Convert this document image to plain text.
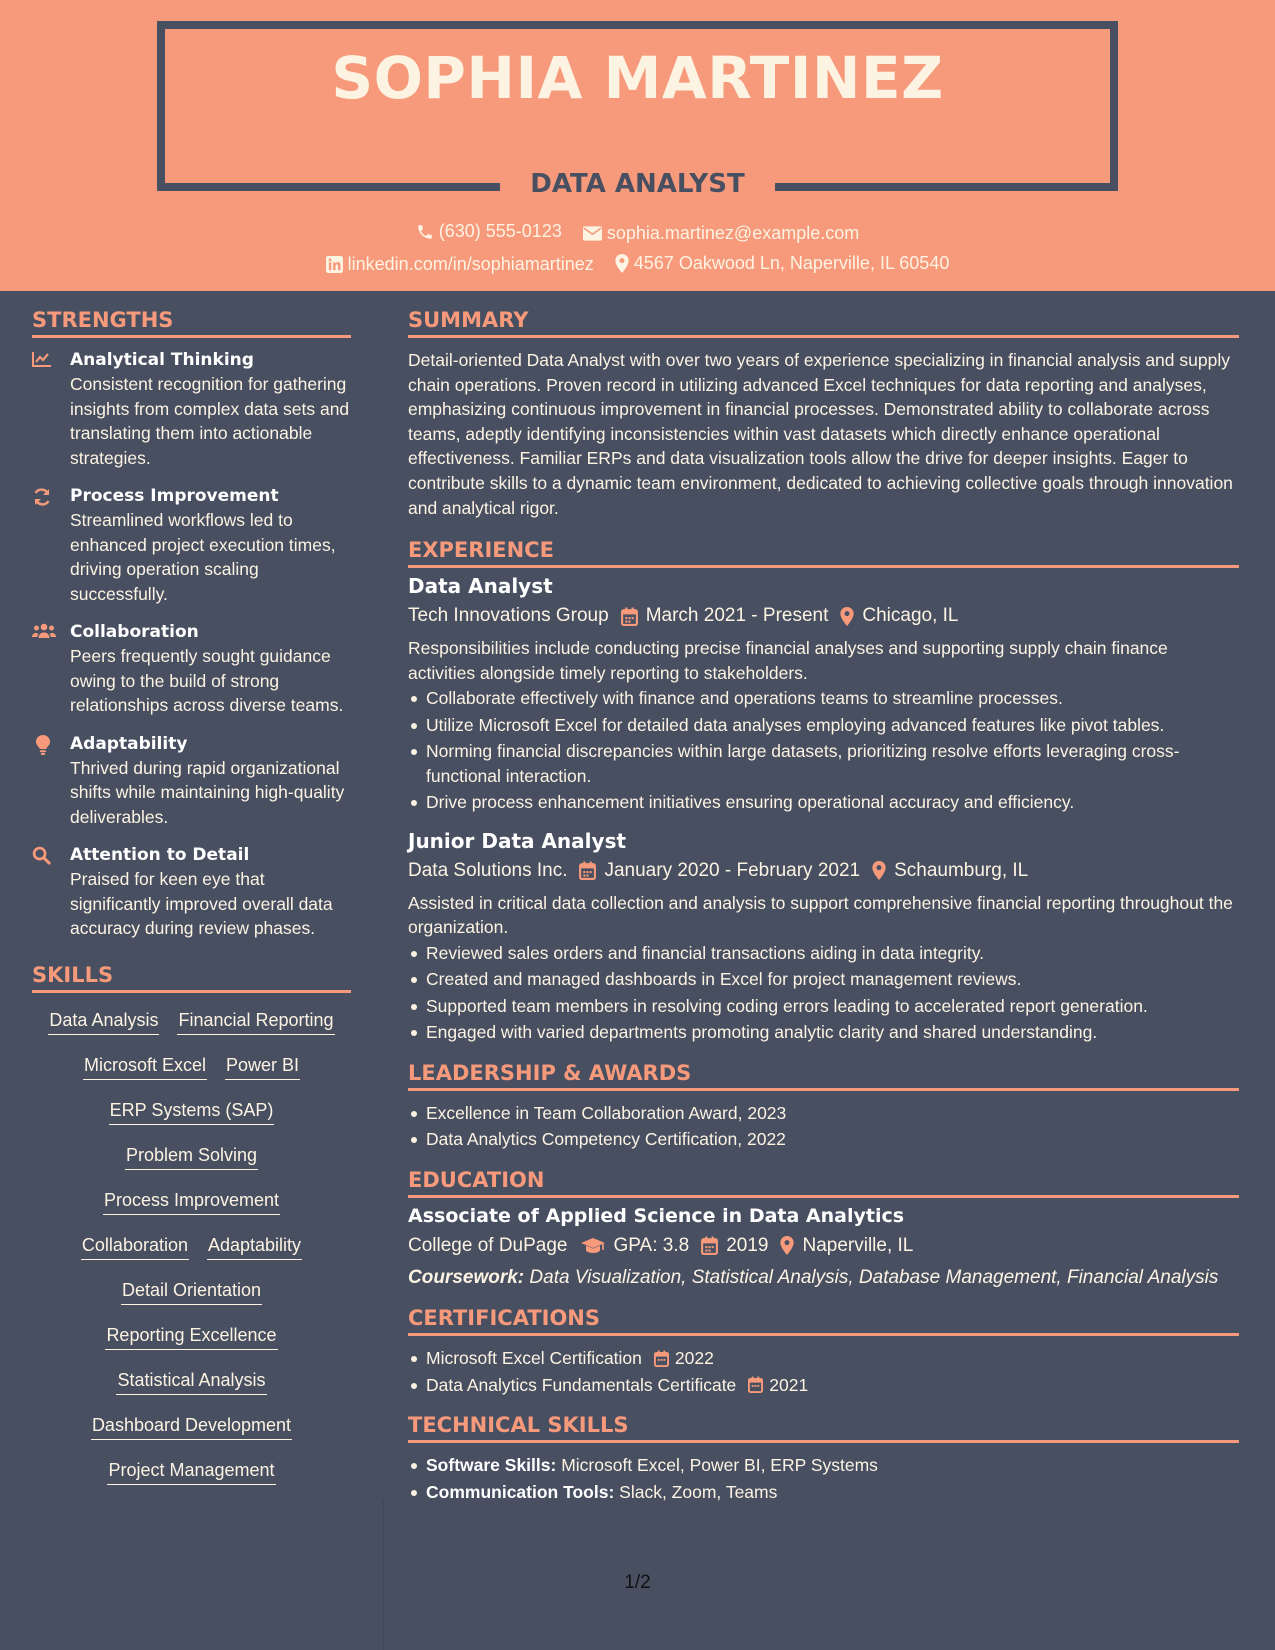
SOPHIA MARTINEZ
DATA ANALYST
(630) 555-0123
	sophia.martinez@example.com
linkedin.com/in/sophiamartinez
4567 Oakwood Ln, Naperville, IL 60540
STRENGTHS
Analytical Thinking
Consistent recognition for gathering insights from complex data sets and translating them into actionable strategies.
Process Improvement
Streamlined workflows led to enhanced project execution times, driving operation scaling successfully.
Collaboration
Peers frequently sought guidance owing to the build of strong relationships across diverse teams.
Adaptability
Thrived during rapid organizational shifts while maintaining high-quality deliverables.
Attention to Detail
Praised for keen eye that significantly improved overall data accuracy during review phases.
SKILLS
Data Analysis Financial Reporting
Microsoft Excel Power BI
ERP Systems (SAP)
Problem Solving
Process Improvement
Collaboration Adaptability
Detail Orientation
Reporting Excellence
Statistical Analysis
Dashboard Development
Project Management
SUMMARY
Detail-oriented Data Analyst with over two years of experience specializing in financial analysis and supply chain operations. Proven record in utilizing advanced Excel techniques for data reporting and analyses, emphasizing continuous improvement in financial processes. Demonstrated ability to collaborate across teams, adeptly identifying inconsistencies within vast datasets which directly enhance operational effectiveness. Familiar ERPs and data visualization tools allow the drive for deeper insights. Eager to contribute skills to a dynamic team environment, dedicated to achieving collective goals through innovation and analytical rigor.
EXPERIENCE
Data Analyst
Tech Innovations Group March 2021 - Present Chicago, IL
Responsibilities include conducting precise financial analyses and supporting supply chain finance activities alongside timely reporting to stakeholders.
Collaborate effectively with finance and operations teams to streamline processes.
Utilize Microsoft Excel for detailed data analyses employing advanced features like pivot tables.
Norming financial discrepancies within large datasets, prioritizing resolve efforts leveraging cross-functional interaction.
Drive process enhancement initiatives ensuring operational accuracy and efficiency.
Junior Data Analyst
Data Solutions Inc. January 2020 - February 2021 Schaumburg, IL
Assisted in critical data collection and analysis to support comprehensive financial reporting throughout the organization.
Reviewed sales orders and financial transactions aiding in data integrity.
Created and managed dashboards in Excel for project management reviews.
Supported team members in resolving coding errors leading to accelerated report generation.
Engaged with varied departments promoting analytic clarity and shared understanding.
LEADERSHIP & AWARDS
Excellence in Team Collaboration Award, 2023
Data Analytics Competency Certification, 2022
EDUCATION
Associate of Applied Science in Data Analytics
College of DuPage GPA: 3.8 2019 Naperville, IL
Coursework: Data Visualization, Statistical Analysis, Database Management, Financial Analysis
CERTIFICATIONS
Microsoft Excel Certification 2022
Data Analytics Fundamentals Certificate 2021
TECHNICAL SKILLS
Software Skills: Microsoft Excel, Power BI, ERP Systems
Communication Tools: Slack, Zoom, Teams
1/2
